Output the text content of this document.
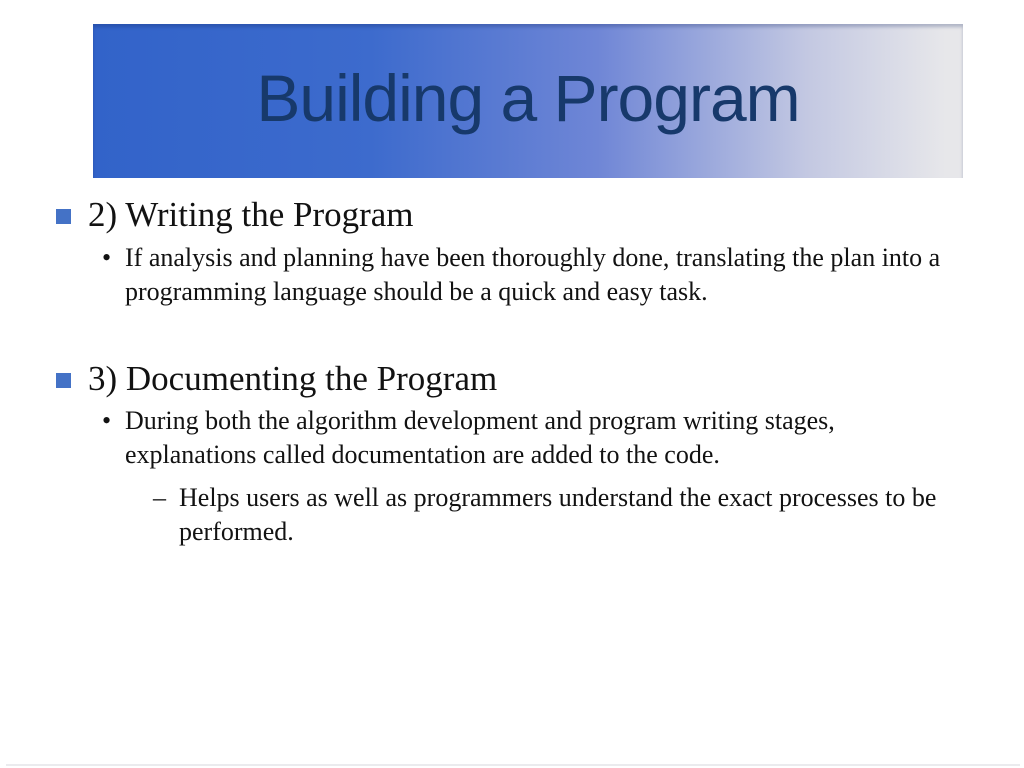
Building a Program
2) Writing the Program
• If analysis and planning have been thoroughly done, translating the plan into a programming language should be a quick and easy task.
3) Documenting the Program
• During both the algorithm development and program writing stages, explanations called documentation are added to the code.
– Helps users as well as programmers understand the exact processes to be performed.
